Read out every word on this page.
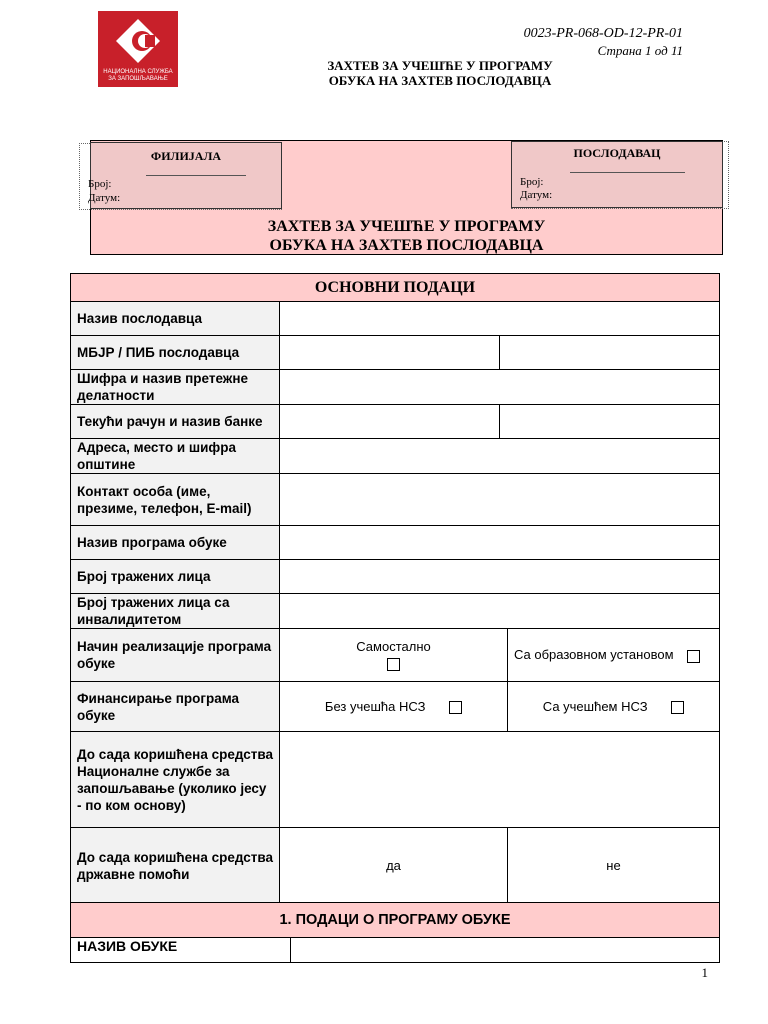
НАЦИОНАЛНА СЛУЖБА
ЗА ЗАПОШЉАВАЊЕ
0023-PR-068-OD-12-PR-01
Страна 1 од 11
ЗАХТЕВ ЗА УЧЕШЋЕ У ПРОГРАМУ
ОБУКА НА ЗАХТЕВ ПОСЛОДАВЦА
ФИЛИЈАЛА
Број:
Датум:
ПОСЛОДАВАЦ
Број:
Датум:
ЗАХТЕВ ЗА УЧЕШЋЕ У ПРОГРАМУ
ОБУКА НА ЗАХТЕВ ПОСЛОДАВЦА
ОСНОВНИ ПОДАЦИ			
Назив послодавца			
МБЈР / ПИБ послодавца			
Шифра и назив претежне делатности			
Текући рачун и назив банке			
Адреса, место и шифра општине			
Контакт особа (име, презиме, телефон, E-mail)			
Назив програма обуке			
Број тражених лица			
Број тражених лица са инвалидитетом			
Начин реализације програма обуке	Самостално		Са образовном установом
Финансирање програма обуке	Без учешћа НСЗ		Са учешћем НСЗ
До сада коришћена средства Националне службе за запошљавање (уколико јесу - по ком основу)			
До сада коришћена средства државне помоћи	да		не
1. ПОДАЦИ О ПРОГРАМУ ОБУКЕ
НАЗИВ ОБУКЕ	
1
